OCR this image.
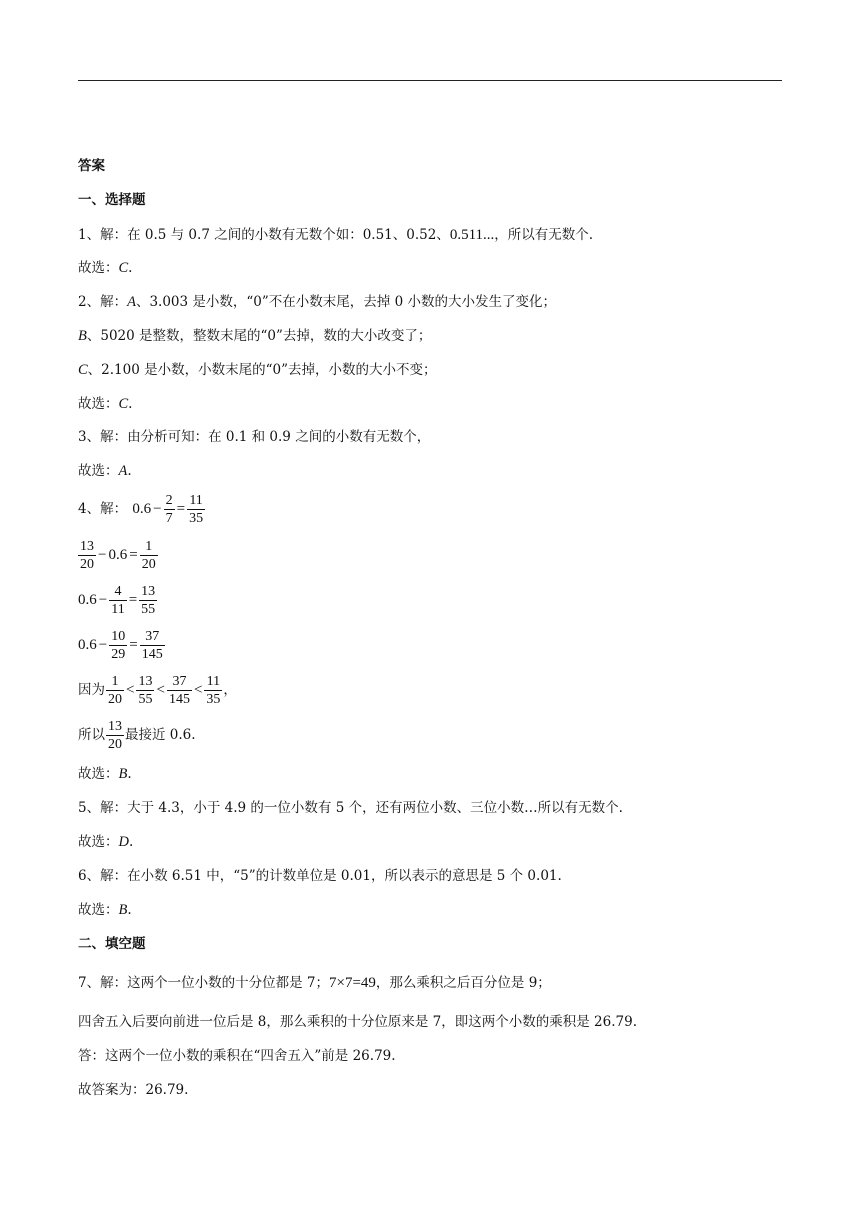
答案
一、选择题
1、解：在 0.5 与 0.7 之间的小数有无数个如：0.51、0.52、0.511...，所以有无数个.
故选：C.
2、解：A、3.003 是小数，“0”不在小数末尾，去掉 0 小数的大小发生了变化；
B、5020 是整数，整数末尾的“0”去掉，数的大小改变了；
C、2.100 是小数，小数末尾的“0”去掉，小数的大小不变；
故选：C.
3、解：由分析可知：在 0.1 和 0.9 之间的小数有无数个，
故选：A.
4、解： $0.6 - \frac{2}{7} = \frac{11}{35}$
$\frac{13}{20} - 0.6 = \frac{1}{20}$
$0.6 - \frac{4}{11} = \frac{13}{55}$
$0.6 - \frac{10}{29} = \frac{37}{145}$
因为 $\frac{1}{20} < \frac{13}{55} < \frac{37}{145} < \frac{11}{35}$ ，
所以 $\frac{13}{20}$ 最接近 0.6.
故选：B.
5、解：大于 4.3，小于 4.9 的一位小数有 5 个，还有两位小数、三位小数…所以有无数个.
故选：D.
6、解：在小数 6.51 中，“5”的计数单位是 0.01，所以表示的意思是 5 个 0.01.
故选：B.
二、填空题
7、解：这两个一位小数的十分位都是 7；7×7=49，那么乘积之后百分位是 9；
四舍五入后要向前进一位后是 8，那么乘积的十分位原来是 7，即这两个小数的乘积是 26.79.
答：这两个一位小数的乘积在“四舍五入”前是 26.79.
故答案为：26.79.
